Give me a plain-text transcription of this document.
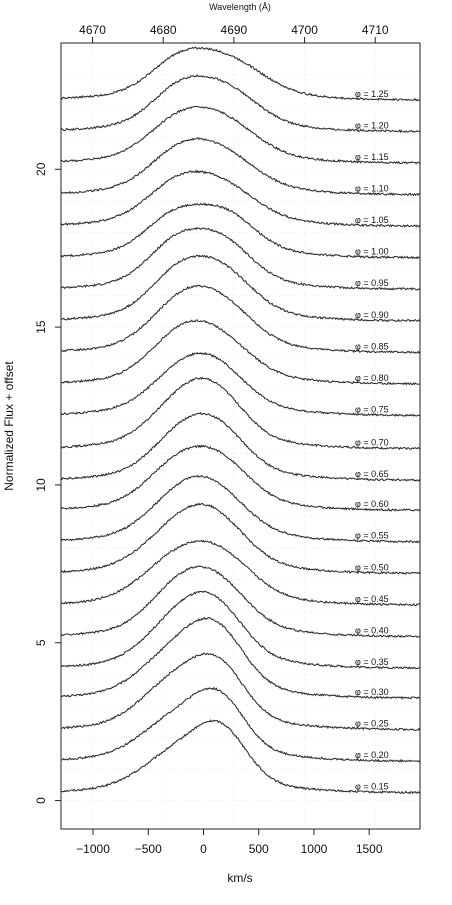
φ = 0.15
φ = 0.20
φ = 0.25
φ = 0.30
φ = 0.35
φ = 0.40
φ = 0.45
φ = 0.50
φ = 0.55
φ = 0.60
φ = 0.65
φ = 0.70
φ = 0.75
φ = 0.80
φ = 0.85
φ = 0.90
φ = 0.95
φ = 1.00
φ = 1.05
φ = 1.10
φ = 1.15
φ = 1.20
φ = 1.25
−1000 −500	0	500	1000 1500
4670	4680	4690	4700	4710
0
5
10
15
20
Wavelength (Å)
km/s
Normalized Flux + offset
